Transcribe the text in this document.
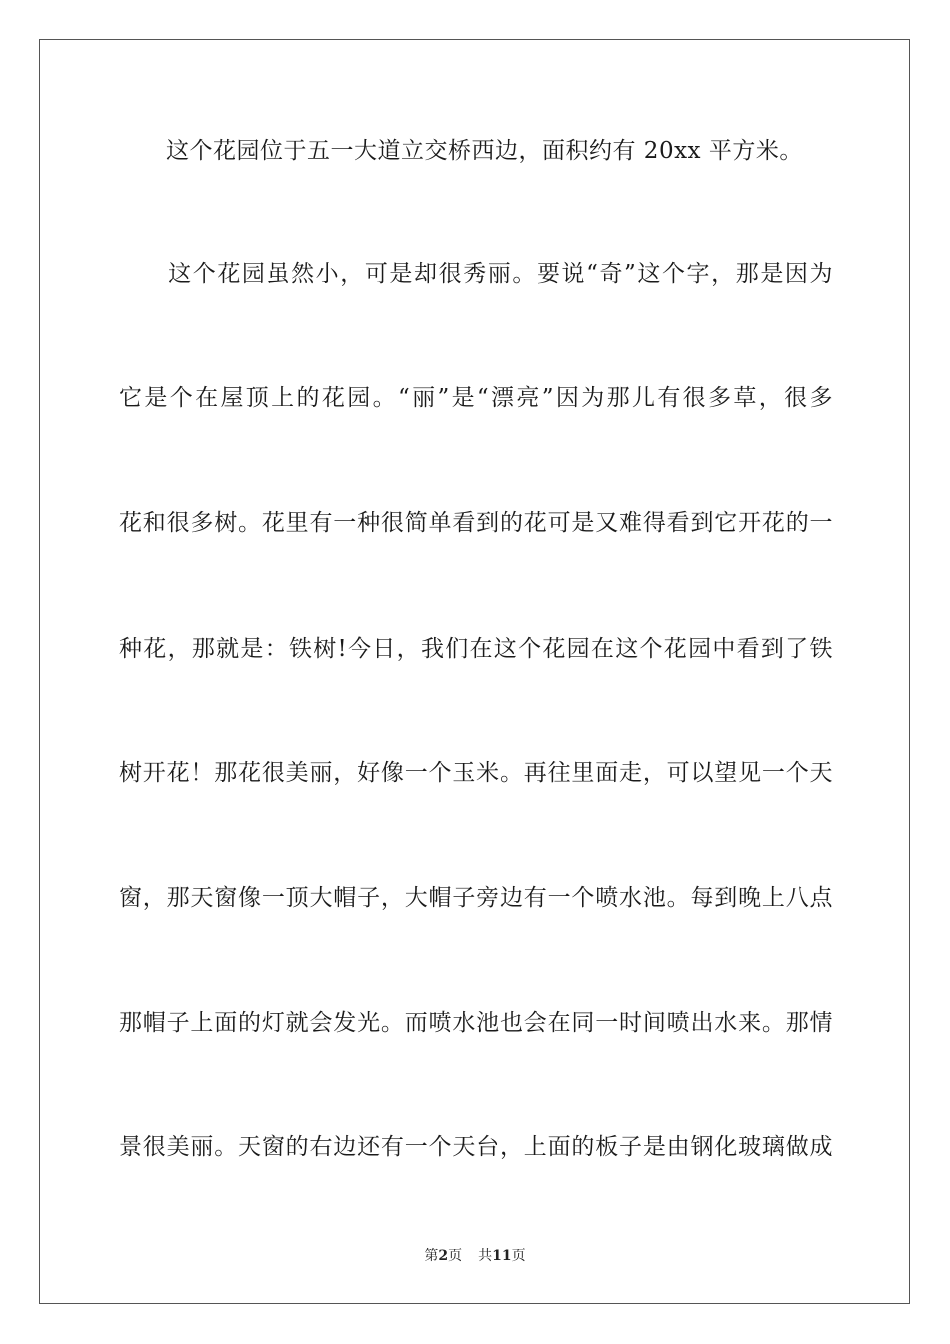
　　这个花园位于五一大道立交桥西边，面积约有 20xx 平方米。
　　这个花园虽然小，可是却很秀丽。要说“奇”这个字，那是因为
它是个在屋顶上的花园。“丽”是“漂亮”因为那儿有很多草，很多
花和很多树。花里有一种很简单看到的花可是又难得看到它开花的一
种花，那就是：铁树!今日，我们在这个花园在这个花园中看到了铁
树开花！那花很美丽，好像一个玉米。再往里面走，可以望见一个天
窗，那天窗像一顶大帽子，大帽子旁边有一个喷水池。每到晚上八点
那帽子上面的灯就会发光。而喷水池也会在同一时间喷出水来。那情
景很美丽。天窗的右边还有一个天台，上面的板子是由钢化玻璃做成
第2页 共11页
